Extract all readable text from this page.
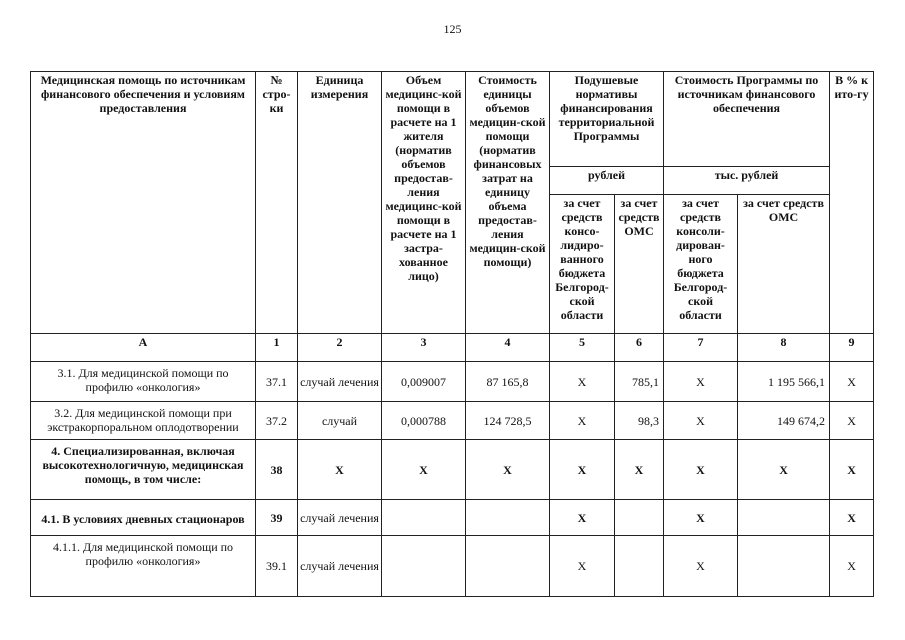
125
Медицинская помощь по источникам финансового обеспечения и условиям предоставления	№ стро-ки	Единица измерения	Объем медицинс-кой помощи в расчете на 1 жителя (норматив объемов предостав-ления медицинс-кой помощи в расчете на 1 застра-хованное лицо)	Стоимость единицы объемов медицин-ской помощи (норматив финансовых затрат на единицу объема предостав-ления медицин-ской помощи)	Подушевые нормативы финансирования территориальной Программы		Стоимость Программы по источникам финансового обеспечения		В % к ито-гу
					рублей		тыс. рублей		
					за счет средств консо-лидиро-ванного бюджета Белгород-ской области	за счет средств ОМС	за счет средств консоли-дирован-ного бюджета Белгород-ской области	за счет средств ОМС	
А	1	2	3	4	5	6	7	8	9
3.1. Для медицинской помощи по профилю «онкология»	37.1	случай лечения	0,009007	87 165,8	X	785,1	X	1 195 566,1	X
3.2. Для медицинской помощи при экстракорпоральном оплодотворении	37.2	случай	0,000788	124 728,5	X	98,3	X	149 674,2	X
4. Специализированная, включая высокотехнологичную, медицинская помощь, в том числе:	38	X	X	X	X	X	X	X	X
4.1. В условиях дневных стационаров	39	случай лечения			X		X		X
4.1.1. Для медицинской помощи по профилю «онкология»	39.1	случай лечения			X		X		X
